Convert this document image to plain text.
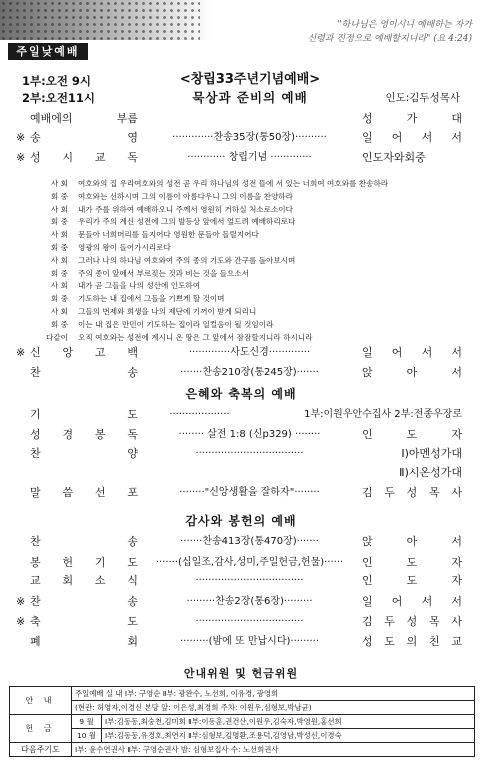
"하나님은 영이시니 예배하는 자가
신령과 진정으로 예배할지니라" (요 4:24)
주일낮예배
1부:오전 9시
2부:오전11시
<창립33주년기념예배>
묵상과 준비의 예배	인도:김두성목사
예배에의 부름	성 가 대
※ 송 영	·············찬송35장(통50장)··········	일 어 서 서
※ 성 시 교 독	············ 창립기념 ·············	인도자와회중
사 회 여호와의 집 우리여호와의 성전 곧 우리 하나님의 성전 뜰에 서 있는 너희여 여호와를 찬송하라
회 중 여호와는 선하시며 그의 이름이 아름다우니 그의 이름을 찬양하라
사 회 내가 주를 위하여 예배하오니 주께서 영원히 거하실 처소로소이다
회 중 우리가 주의 계신 성전에 그의 발등상 앞에서 엎드려 예배하리로다
사 회 문들아 너희머리를 들지어다 영원한 문들아 들릴지어다
회 중 영광의 왕이 들어가시리로다
사 회 그러나 나의 하나님 여호와여 주의 종의 기도와 간구를 돌아보시며
회 중 주의 종이 앞에서 부르짖는 것과 비는 것을 들으소서
사 회 내가 곧 그들을 나의 성산에 인도하여
회 중 기도하는 내 집에서 그들을 기쁘게 할 것이며
사 회 그들의 번제와 희생을 나의 제단에 기꺼이 받게 되리니
회 중 이는 내 집은 만민이 기도하는 집이라 일컬음이 될 것임이라
다같이 오직 여호와는 성전에 계시니 온 땅은 그 앞에서 잠잠할지니라 하시니라
※ 신 앙 고 백	·············사도신경·············	일 어 서 서
찬 송	·······찬송210장(통245장)·······	앉 아 서
은혜와 축복의 예배
기 도	···················	1부:이원우안수집사 2부:전종우장로
성 경 봉 독	········ 살전 1:8 (신p329) ········	인 도 자
찬 양	··································	Ⅰ)아멘성가대
Ⅱ)시온성가대
말 씀 선 포	········"신앙생활을 잘하자"········	김 두 성 목 사
감사와 봉헌의 예배
찬 송	·······찬송413장(통470장)·······	앉 아 서
봉 헌 기 도	·······(십일조,감사,성미,주일헌금,헌물)······	인 도 자
교 회 소 식	··································	인 도 자
※ 찬 송	·········찬송2장(통6장)·········	일 어 서 서
※ 축 도	··································	김 두 성 목 사
폐 회	·········(밤에 또 만납시다)·········	성 도 의 친 교
안내위원 및 헌금위원
안 내	주일예배 실 내 Ⅰ부: 구영순 Ⅱ부: 광완수, 노선희, 이유경, 광영희	
	(현관: 허영자,이경신 본당 앞: 이은성,최경희 주차: 이원우,심형보,박남균)	
헌 금	9 월	Ⅰ부:김동동,최숭천,김미희 Ⅱ부:이동훈,권건산,이원우,김숙자,박영원,홍선희
	10 월	Ⅰ부:김동동,유경호,최연지 Ⅱ부:심형보,김명환,조용덕,김영남,박성신,이경숙
다음주기도	Ⅰ부: 윤수연권사 Ⅱ부: 구영순권사 밤: 심형보집사 수: 노선희권사	
